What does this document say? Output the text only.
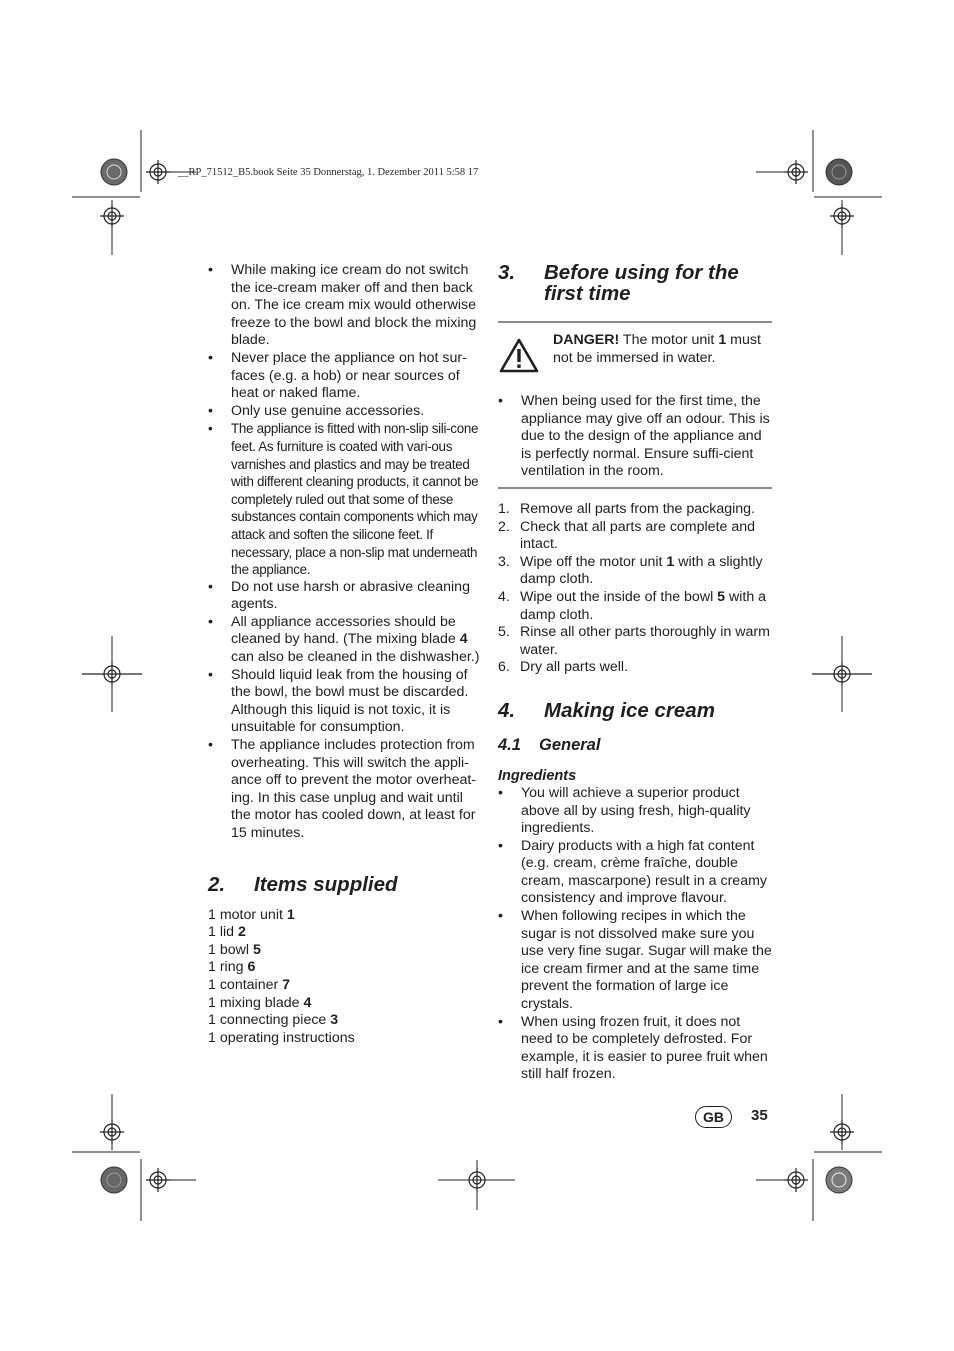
__RP_71512_B5.book Seite 35 Donnerstag, 1. Dezember 2011 5:58 17
• While making ice cream do not switch the ice-cream maker off and then back on. The ice cream mix would otherwise freeze to the bowl and block the mixing blade.
• Never place the appliance on hot sur-faces (e.g. a hob) or near sources of heat or naked flame.
• Only use genuine accessories.
• The appliance is fitted with non-slip sili-cone feet. As furniture is coated with vari-ous varnishes and plastics and may be treated with different cleaning products, it cannot be completely ruled out that some of these substances contain components which may attack and soften the silicone feet. If necessary, place a non-slip mat underneath the appliance.
• Do not use harsh or abrasive cleaning agents.
• All appliance accessories should be cleaned by hand. (The mixing blade 4 can also be cleaned in the dishwasher.)
• Should liquid leak from the housing of the bowl, the bowl must be discarded. Although this liquid is not toxic, it is unsuitable for consumption.
• The appliance includes protection from overheating. This will switch the appli-ance off to prevent the motor overheat-ing. In this case unplug and wait until the motor has cooled down, at least for 15 minutes.
2.	Items supplied
1 motor unit 1
1 lid 2
1 bowl 5
1 ring 6
1 container 7
1 mixing blade 4
1 connecting piece 3
1 operating instructions
3.	Before using for the
first time
DANGER! The motor unit 1 must not be immersed in water.
• When being used for the first time, the appliance may give off an odour. This is due to the design of the appliance and is perfectly normal. Ensure suffi-cient ventilation in the room.
1. Remove all parts from the packaging.
2. Check that all parts are complete and intact.
3. Wipe off the motor unit 1 with a slightly damp cloth.
4. Wipe out the inside of the bowl 5 with a damp cloth.
5. Rinse all other parts thoroughly in warm water.
6. Dry all parts well.
4.	Making ice cream
4.1	General
Ingredients
• You will achieve a superior product above all by using fresh, high-quality ingredients.
• Dairy products with a high fat content (e.g. cream, crème fraîche, double cream, mascarpone) result in a creamy consistency and improve flavour.
• When following recipes in which the sugar is not dissolved make sure you use very fine sugar. Sugar will make the ice cream firmer and at the same time prevent the formation of large ice crystals.
• When using frozen fruit, it does not need to be completely defrosted. For example, it is easier to puree fruit when still half frozen.
GB	35
